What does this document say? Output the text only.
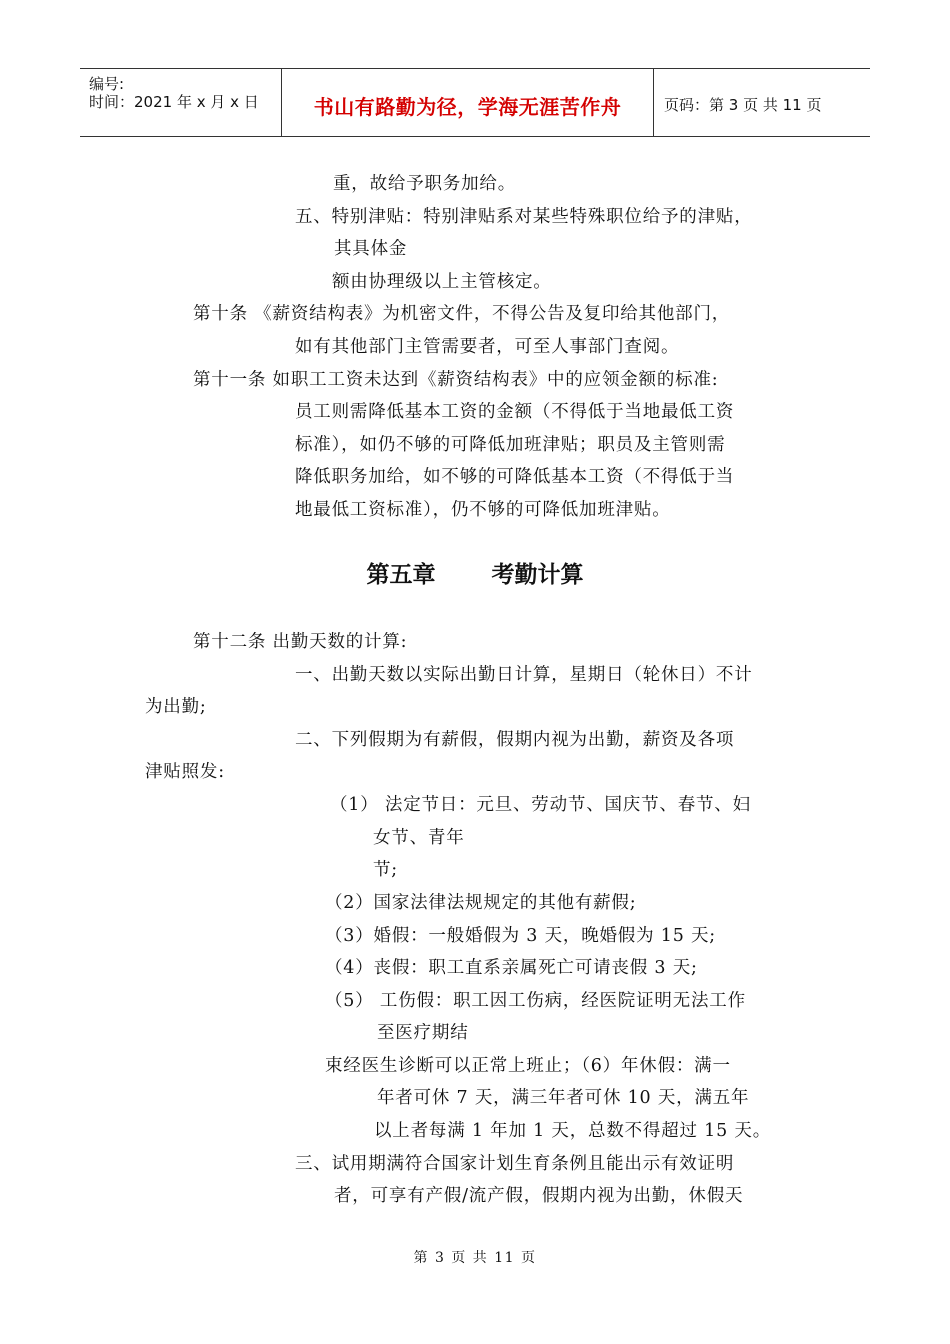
编号:
时间：2021 年 x 月 x 日	书山有路勤为径，学海无涯苦作舟	页码：第 3 页 共 11 页
重，故给予职务加给。
五、特别津贴：特别津贴系对某些特殊职位给予的津贴，
其具体金
额由协理级以上主管核定。
第十条 《薪资结构表》为机密文件，不得公告及复印给其他部门，
如有其他部门主管需要者，可至人事部门查阅。
第十一条 如职工工资未达到《薪资结构表》中的应领金额的标准:
员工则需降低基本工资的金额（不得低于当地最低工资
标准），如仍不够的可降低加班津贴；职员及主管则需
降低职务加给，如不够的可降低基本工资（不得低于当
地最低工资标准），仍不够的可降低加班津贴。
第五章 考勤计算
第十二条 出勤天数的计算:
一、出勤天数以实际出勤日计算，星期日（轮休日）不计
为出勤;
二、下列假期为有薪假，假期内视为出勤，薪资及各项
津贴照发:
（1） 法定节日：元旦、劳动节、国庆节、春节、妇
女节、青年
节;
（2）国家法律法规规定的其他有薪假;
（3）婚假：一般婚假为 3 天，晚婚假为 15 天;
（4）丧假：职工直系亲属死亡可请丧假 3 天;
（5） 工伤假：职工因工伤病，经医院证明无法工作
至医疗期结
束经医生诊断可以正常上班止；（6）年休假：满一
年者可休 7 天，满三年者可休 10 天，满五年
以上者每满 1 年加 1 天，总数不得超过 15 天。
三、试用期满符合国家计划生育条例且能出示有效证明
者，可享有产假/流产假，假期内视为出勤，休假天
第 3 页 共 11 页
